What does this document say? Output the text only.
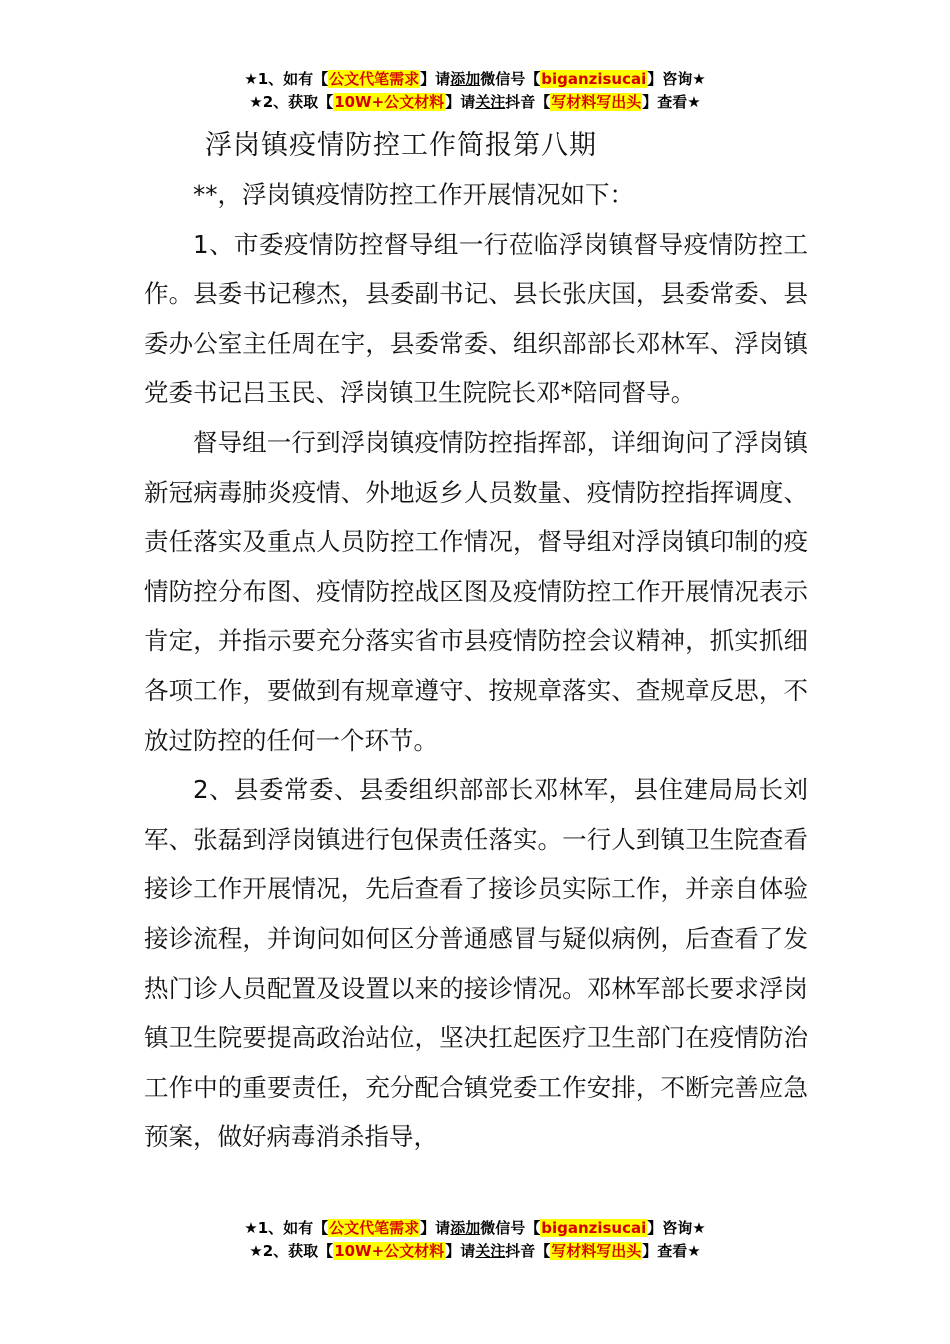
★1、如有【公文代笔需求】请添加微信号【biganzisucai】咨询★
★2、获取【10W+公文材料】请关注抖音【写材料写出头】查看★
浮岗镇疫情防控工作简报第八期

**，浮岗镇疫情防控工作开展情况如下：

1、市委疫情防控督导组一行莅临浮岗镇督导疫情防控工作。县委书记穆杰，县委副书记、县长张庆国，县委常委、县委办公室主任周在宇，县委常委、组织部部长邓林军、浮岗镇党委书记吕玉民、浮岗镇卫生院院长邓*陪同督导。

督导组一行到浮岗镇疫情防控指挥部，详细询问了浮岗镇新冠病毒肺炎疫情、外地返乡人员数量、疫情防控指挥调度、责任落实及重点人员防控工作情况，督导组对浮岗镇印制的疫情防控分布图、疫情防控战区图及疫情防控工作开展情况表示肯定，并指示要充分落实省市县疫情防控会议精神，抓实抓细各项工作，要做到有规章遵守、按规章落实、查规章反思，不放过防控的任何一个环节。

2、县委常委、县委组织部部长邓林军，县住建局局长刘军、张磊到浮岗镇进行包保责任落实。一行人到镇卫生院查看接诊工作开展情况，先后查看了接诊员实际工作，并亲自体验接诊流程，并询问如何区分普通感冒与疑似病例，后查看了发热门诊人员配置及设置以来的接诊情况。邓林军部长要求浮岗镇卫生院要提高政治站位，坚决扛起医疗卫生部门在疫情防治工作中的重要责任，充分配合镇党委工作安排，不断完善应急预案，做好病毒消杀指导，

★1、如有【公文代笔需求】请添加微信号【biganzisucai】咨询★
★2、获取【10W+公文材料】请关注抖音【写材料写出头】查看★
